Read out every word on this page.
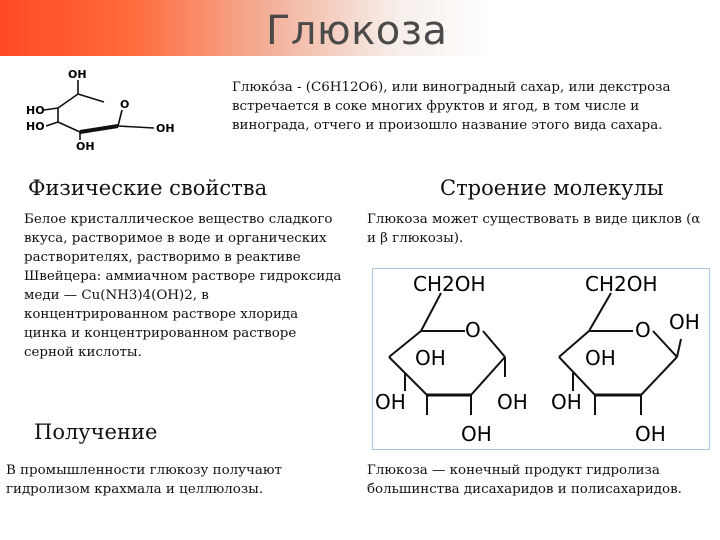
Глюкоза
OH
HO
HO
O
OH
OH
Глюко́за - (C6H12O6), или виноградный сахар, или декстроза встречается в соке многих фруктов и ягод, в том числе и винограда, отчего и произошло название этого вида сахара.
Физические свойства	Строение молекулы
Белое кристаллическое вещество сладкого вкуса, растворимое в воде и органических растворителях, растворимо в реактиве Швейцера: аммиачном растворе гидроксида меди — Cu(NH3)4(OH)2, в концентрированном растворе хлорида цинка и концентрированном растворе серной кислоты.
Глюкоза может существовать в виде циклов (α и β глюкозы).
CH2OH
O
OH
OH	OH
OH
CH2OH
O OH
OH
OH
OH
Получение
В промышленности глюкозу получают гидролизом крахмала и целлюлозы.
Глюкоза — конечный продукт гидролиза большинства дисахаридов и полисахаридов.
